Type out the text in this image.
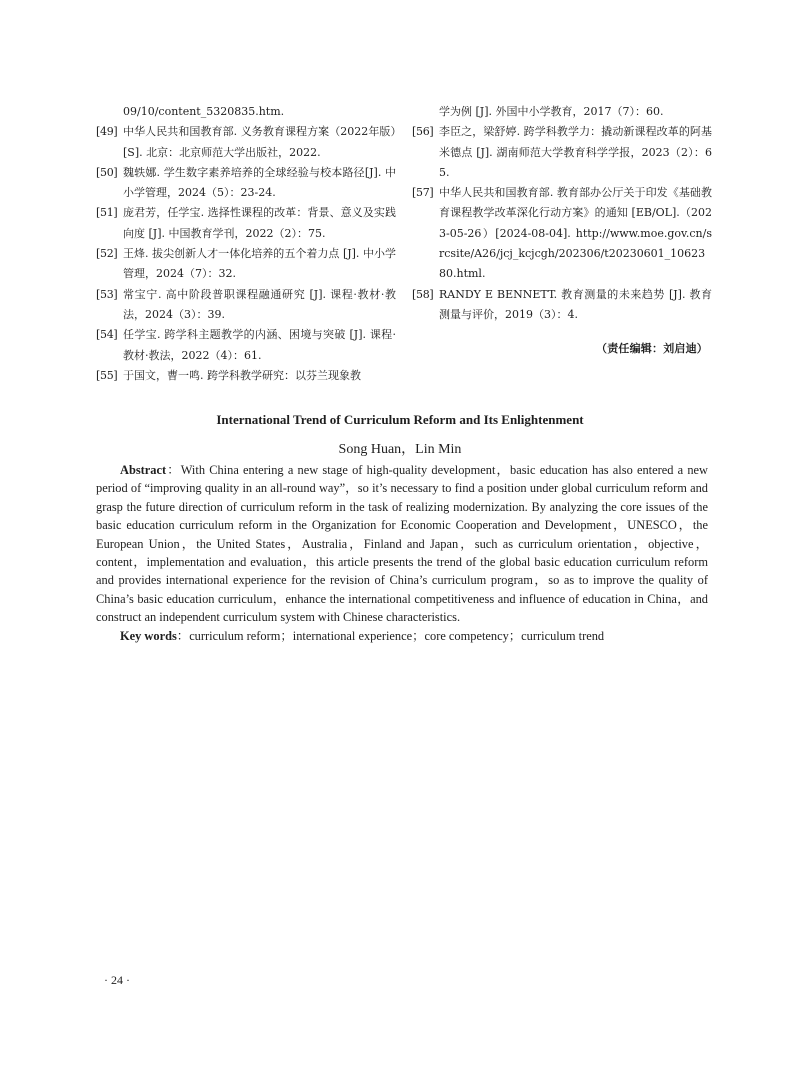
09/10/content_5320835.htm.
[49] 中华人民共和国教育部. 义务教育课程方案（2022年版）[S]. 北京：北京师范大学出版社，2022.
[50] 魏轶娜. 学生数字素养培养的全球经验与校本路径[J]. 中小学管理，2024（5）：23-24.
[51] 庞君芳，任学宝. 选择性课程的改革：背景、意义及实践向度 [J]. 中国教育学刊，2022（2）：75.
[52] 王烽. 拔尖创新人才一体化培养的五个着力点 [J]. 中小学管理，2024（7）：32.
[53] 常宝宁. 高中阶段普职课程融通研究 [J]. 课程·教材·教法，2024（3）：39.
[54] 任学宝. 跨学科主题教学的内涵、困境与突破 [J]. 课程·教材·教法，2022（4）：61.
[55] 于国文，曹一鸣. 跨学科教学研究：以芬兰现象教
学为例 [J]. 外国中小学教育，2017（7）：60.
[56] 李臣之，梁舒婷. 跨学科教学力：撬动新课程改革的阿基米德点 [J]. 湖南师范大学教育科学学报，2023（2）：65.
[57] 中华人民共和国教育部. 教育部办公厅关于印发《基础教育课程教学改革深化行动方案》的通知 [EB/OL].（2023-05-26）[2024-08-04]. http://www.moe.gov.cn/srcsite/A26/jcj_kcjcgh/202306/t20230601_1062380.html.
[58] RANDY E BENNETT. 教育测量的未来趋势 [J]. 教育测量与评价，2019（3）：4.
（责任编辑：刘启迪）
International Trend of Curriculum Reform and Its Enlightenment
Song Huan，Lin Min

Abstract：With China entering a new stage of high-quality development，basic education has also entered a new period of “improving quality in an all-round way”，so it’s necessary to find a position under global curriculum reform and grasp the future direction of curriculum reform in the task of realizing modernization. By analyzing the core issues of the basic education curriculum reform in the Organization for Economic Cooperation and Development，UNESCO，the European Union，the United States，Australia，Finland and Japan，such as curriculum orientation，objective，content，implementation and evaluation，this article presents the trend of the global basic education curriculum reform and provides international experience for the revision of China’s curriculum program，so as to improve the quality of China’s basic education curriculum，enhance the international competitiveness and influence of education in China，and construct an independent curriculum system with Chinese characteristics.

Key words：curriculum reform；international experience；core competency；curriculum trend

· 24 ·
